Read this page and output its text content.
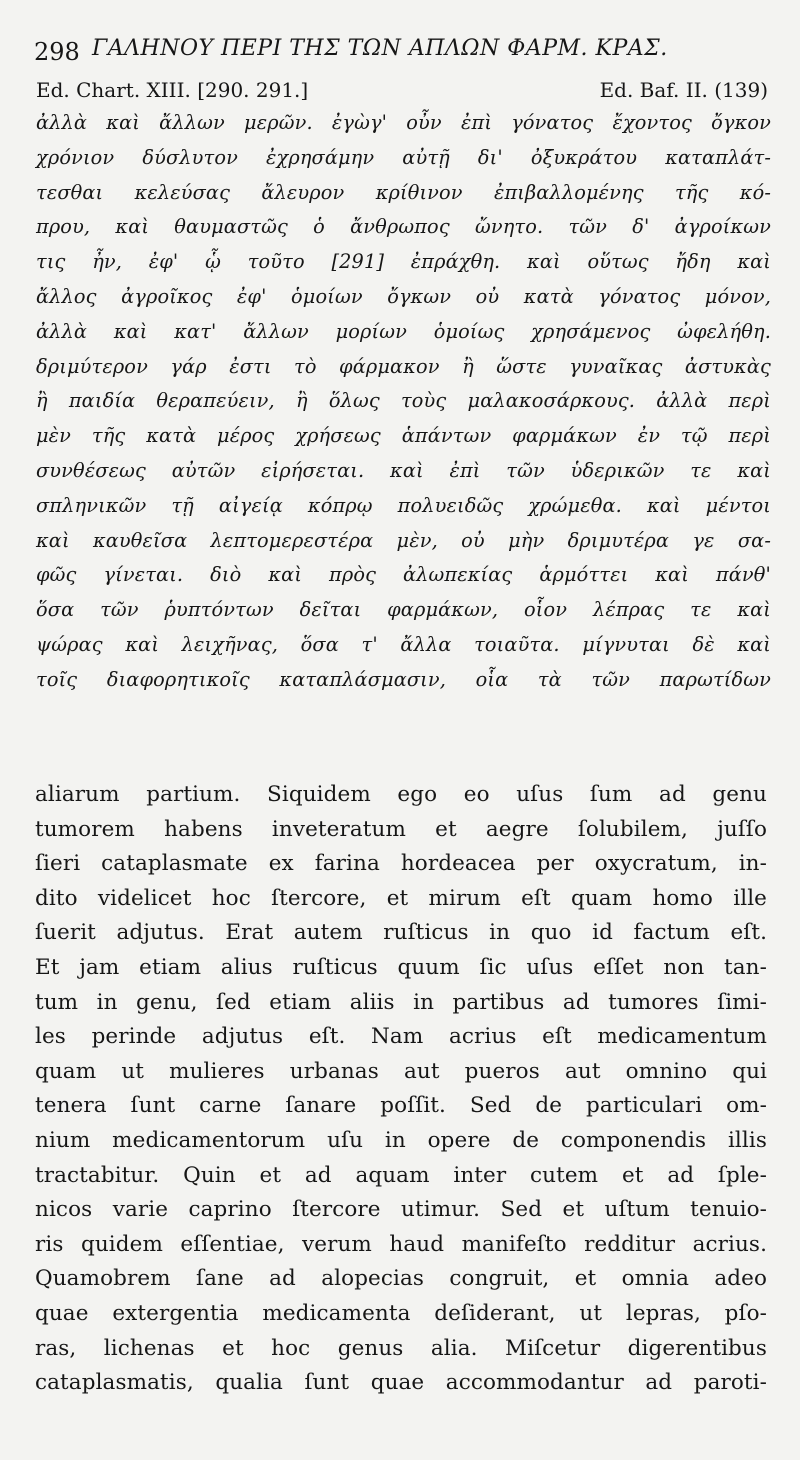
298 ΓΑΛΗΝΟΥ ΠΕΡΙ ΤΗΣ ΤΩΝ ΑΠΛΩΝ ΦΑΡΜ. ΚΡΑΣ.
Ed. Chart. XIII. [290. 291.]	Ed. Baf. II. (139)
ἀλλὰ καὶ ἄλλων μερῶν. ἐγὼγ' οὖν ἐπὶ γόνατος ἔχοντος ὄγκον
χρόνιον δύσλυτον ἐχρησάμην αὐτῇ δι' ὀξυκράτου καταπλάτ-
τεσθαι κελεύσας ἄλευρον κρίθινον ἐπιβαλλομένης τῆς κό-
πρου, καὶ θαυμαστῶς ὁ ἄνθρωπος ὤνητο. τῶν δ' ἀγροίκων
τις ἦν, ἐφ' ᾧ τοῦτο [291] ἐπράχθη. καὶ οὕτως ἤδη καὶ
ἄλλος ἀγροῖκος ἐφ' ὁμοίων ὄγκων οὐ κατὰ γόνατος μόνον,
ἀλλὰ καὶ κατ' ἄλλων μορίων ὁμοίως χρησάμενος ὠφελήθη.
δριμύτερον γάρ ἐστι τὸ φάρμακον ἢ ὥστε γυναῖκας ἀστυκὰς
ἢ παιδία θεραπεύειν, ἢ ὅλως τοὺς μαλακοσάρκους. ἀλλὰ περὶ
μὲν τῆς κατὰ μέρος χρήσεως ἁπάντων φαρμάκων ἐν τῷ περὶ
συνθέσεως αὐτῶν εἰρήσεται. καὶ ἐπὶ τῶν ὑδερικῶν τε καὶ
σπληνικῶν τῇ αἰγείᾳ κόπρῳ πολυειδῶς χρώμεθα. καὶ μέντοι
καὶ καυθεῖσα λεπτομερεστέρα μὲν, οὐ μὴν δριμυτέρα γε σα-
φῶς γίνεται. διὸ καὶ πρὸς ἀλωπεκίας ἁρμόττει καὶ πάνθ'
ὅσα τῶν ῥυπτόντων δεῖται φαρμάκων, οἷον λέπρας τε καὶ
ψώρας καὶ λειχῆνας, ὅσα τ' ἄλλα τοιαῦτα. μίγνυται δὲ καὶ
τοῖς διαφορητικοῖς καταπλάσμασιν, οἷα τὰ τῶν παρωτίδων
aliarum partium. Siquidem ego eo uſus ſum ad genu
tumorem habens inveteratum et aegre ſolubilem, juſſo
ſieri cataplasmate ex farina hordeacea per oxycratum, in-
dito videlicet hoc ſtercore, et mirum eſt quam homo ille
ſuerit adjutus. Erat autem ruſticus in quo id factum eſt.
Et jam etiam alius ruſticus quum ſic uſus eſſet non tan-
tum in genu, ſed etiam aliis in partibus ad tumores ſimi-
les perinde adjutus eſt. Nam acrius eſt medicamentum
quam ut mulieres urbanas aut pueros aut omnino qui
tenera ſunt carne ſanare poſſit. Sed de particulari om-
nium medicamentorum uſu in opere de componendis illis
tractabitur. Quin et ad aquam inter cutem et ad ſple-
nicos varie caprino ſtercore utimur. Sed et uſtum tenuio-
ris quidem eſſentiae, verum haud manifeſto redditur acrius.
Quamobrem ſane ad alopecias congruit, et omnia adeo
quae extergentia medicamenta deſiderant, ut lepras, pſo-
ras, lichenas et hoc genus alia. Miſcetur digerentibus
cataplasmatis, qualia ſunt quae accommodantur ad paroti-
